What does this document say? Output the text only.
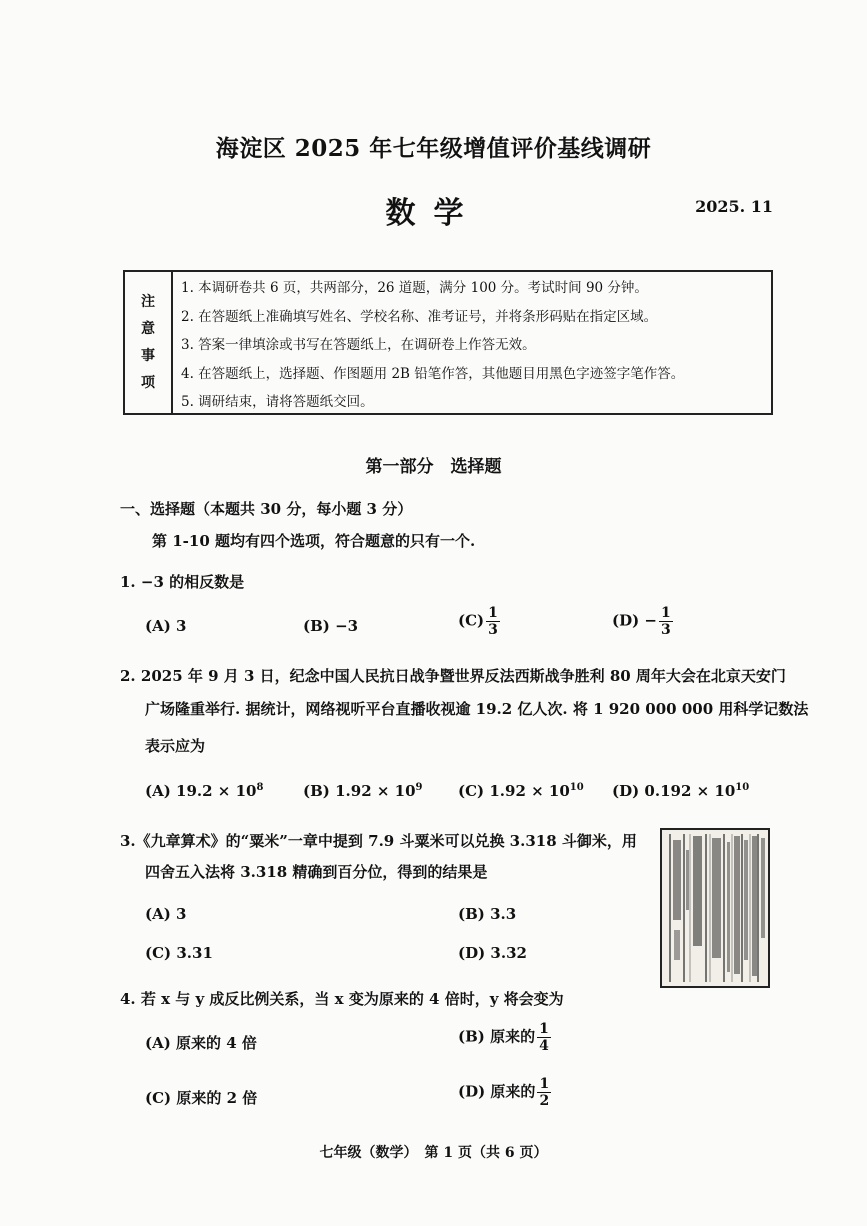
海淀区 2025 年七年级增值评价基线调研
数学	2025. 11
注
意
事
项
1. 本调研卷共 6 页，共两部分，26 道题，满分 100 分。考试时间 90 分钟。
2. 在答题纸上准确填写姓名、学校名称、准考证号，并将条形码贴在指定区域。
3. 答案一律填涂或书写在答题纸上，在调研卷上作答无效。
4. 在答题纸上，选择题、作图题用 2B 铅笔作答，其他题目用黑色字迹签字笔作答。
5. 调研结束，请将答题纸交回。
第一部分　选择题
一、选择题（本题共 30 分，每小题 3 分）
第 1-10 题均有四个选项，符合题意的只有一个.
1. −3 的相反数是
(A) 3	(B) −3	$(C) \frac{1}{3}$	$(D) - \frac{1}{3}$
2. 2025 年 9 月 3 日，纪念中国人民抗日战争暨世界反法西斯战争胜利 80 周年大会在北京天安门
广场隆重举行. 据统计，网络视听平台直播收视逾 19.2 亿人次. 将 1 920 000 000 用科学记数法
表示应为
(A) $19.2 \times 10^8$	(B) $1.92 \times 10^9$ (C) $1.92 \times 10^{10}$ (D) $0.192 \times 10^{10}$
3.《九章算术》的“粟米”一章中提到 7.9 斗粟米可以兑换 3.318 斗御米，用
四舍五入法将 3.318 精确到百分位，得到的结果是
(A) 3	(B) 3.3
(C) 3.31	(D) 3.32
4. 若 x 与 y 成反比例关系，当 x 变为原来的 4 倍时，y 将会变为
(A) 原来的 4 倍	(B) 原来的 $\frac{1}{4}$
(C) 原来的 2 倍	(D) 原来的 $\frac{1}{2}$
七年级（数学）　第 1 页（共 6 页）
